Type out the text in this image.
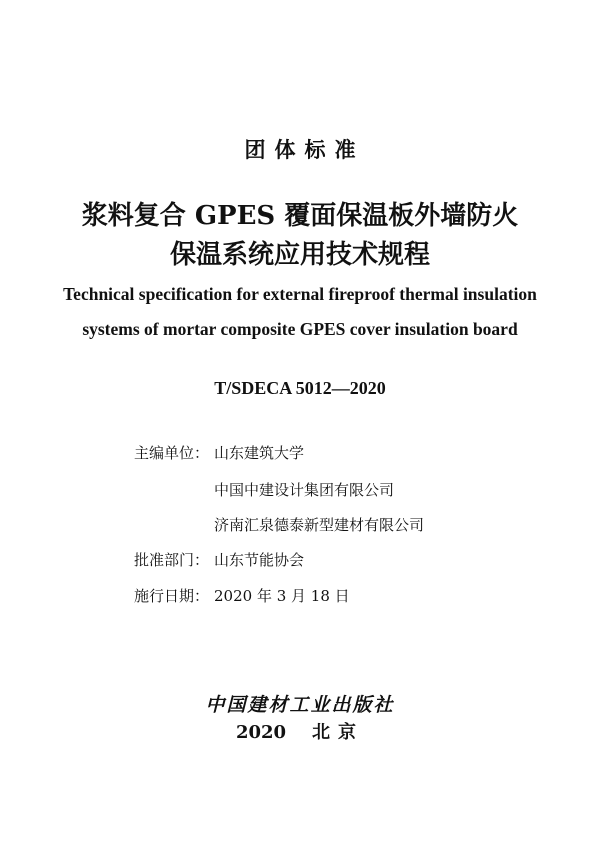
团体标准
浆料复合 GPES 覆面保温板外墙防火
保温系统应用技术规程
Technical specification for external fireproof thermal insulation
systems of mortar composite GPES cover insulation board
T/SDECA 5012—2020
主编单位： 山东建筑大学
中国中建设计集团有限公司
济南汇泉德泰新型建材有限公司
批准部门： 山东节能协会
施行日期： 2020 年 3 月 18 日
中国建材工业出版社
2020 北京
